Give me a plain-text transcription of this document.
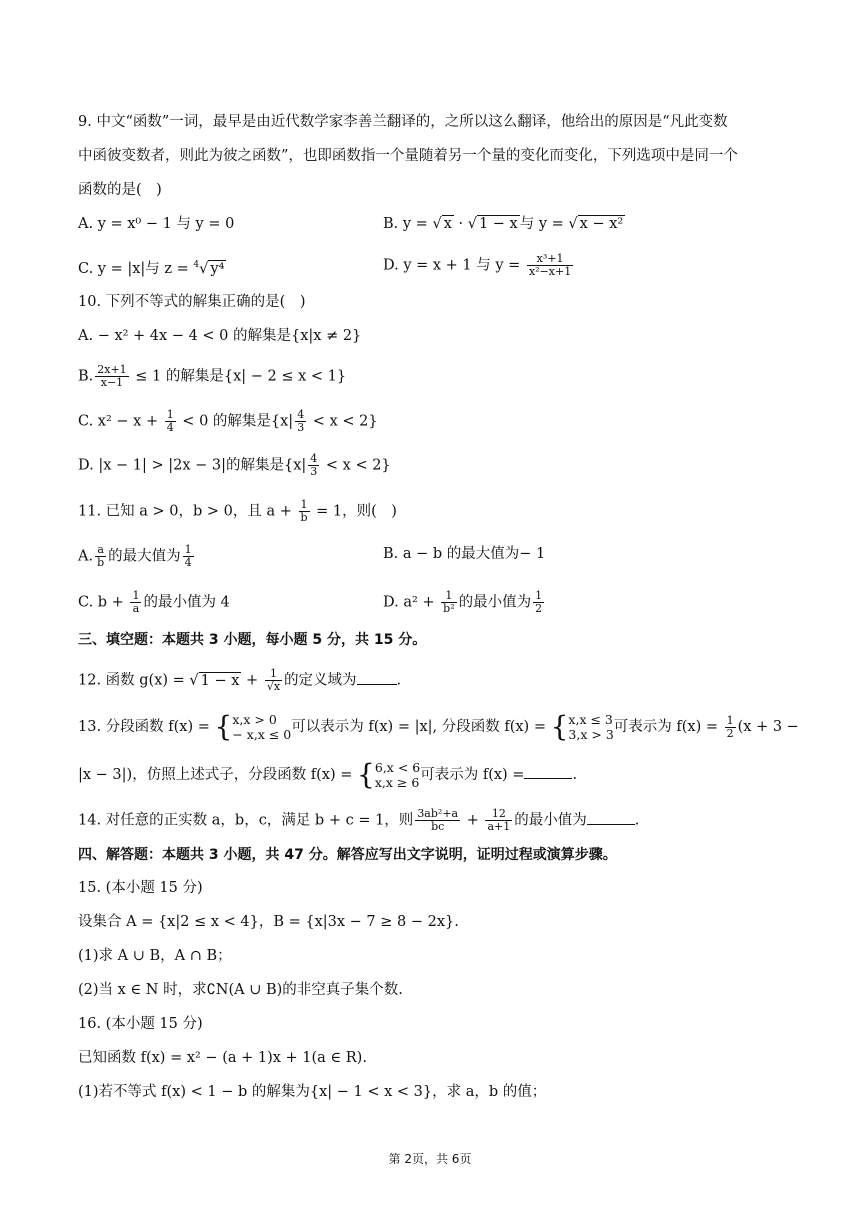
9. 中文“函数”一词，最早是由近代数学家李善兰翻译的，之所以这么翻译，他给出的原因是“凡此变数
中函彼变数者，则此为彼之函数”，也即函数指一个量随着另一个量的变化而变化，下列选项中是同一个
函数的是(　)
A. y = x⁰ − 1 与 y = 0	B. y = √ x · √ 1 − x 与 y = √ x − x²
C. y = |x|与 z = $^4$√ y⁴	D. y = x + 1 与 $y = \frac{\text{x³+1}}{\text{x²−x+1}}$
10. 下列不等式的解集正确的是(　)
A. − x² + 4x − 4 < 0 的解集是{x|x ≠ 2}
B. $\frac{2x+1}{x-1} \le 1$ 的解集是{x| − 2 ≤ x < 1}
C. $x^2 - x + \frac{1}{4} < 0$ 的解集是$\{x| \frac{4}{3} < x < 2\}$
D. |x − 1| > |2x − 3|的解集是$\{x| \frac{4}{3} < x < 2\}$
11. 已知 a > 0，b > 0，且 $a + \frac{1}{b} = 1$，则(　)
A. $\frac{a}{b}$ 的最大值为 $\frac{1}{4}$	B. a − b 的最大值为− 1
C. $b + \frac{1}{a}$ 的最小值为 4	D. $a^2 + \frac{1}{\text{b²}}$ 的最小值为 $\frac{1}{2}$
三、填空题：本题共 3 小题，每小题 5 分，共 15 分。
12. 函数 g(x) = √ $1 - x + \frac{1}{√x}$ 的定义域为	.
13. 分段函数 f(x) = { x,x > 0
− x,x ≤ 0 可以表示为 f(x) = |x|, 分段函数 f(x) = { x,x ≤ 3
3,x > 3 可表示为 $f(x) = \frac{1}{2} (x + 3$ −
|x − 3|)，仿照上述式子，分段函数 f(x) = { 6,x < 6
x,x ≥ 6 可表示为 f(x) =	.
14. 对任意的正实数 a，b，c，满足 b + c = 1，则 $\frac{\text{3ab²+a}}{bc} + \frac{12}{a+1}$ 的最小值为	.
四、解答题：本题共 3 小题，共 47 分。解答应写出文字说明，证明过程或演算步骤。
15. (本小题 15 分)
设集合 A = {x|2 ≤ x < 4}，B = {x|3x − 7 ≥ 8 − 2x}.
(1)求 A ∪ B，A ∩ B；
(2)当 x ∈ N 时，求∁N(A ∪ B)的非空真子集个数.
16. (本小题 15 分)
已知函数 f(x) = x² − (a + 1)x + 1(a ∈ R).
(1)若不等式 f(x) < 1 − b 的解集为{x| − 1 < x < 3}，求 a，b 的值；
第 2页，共 6页
